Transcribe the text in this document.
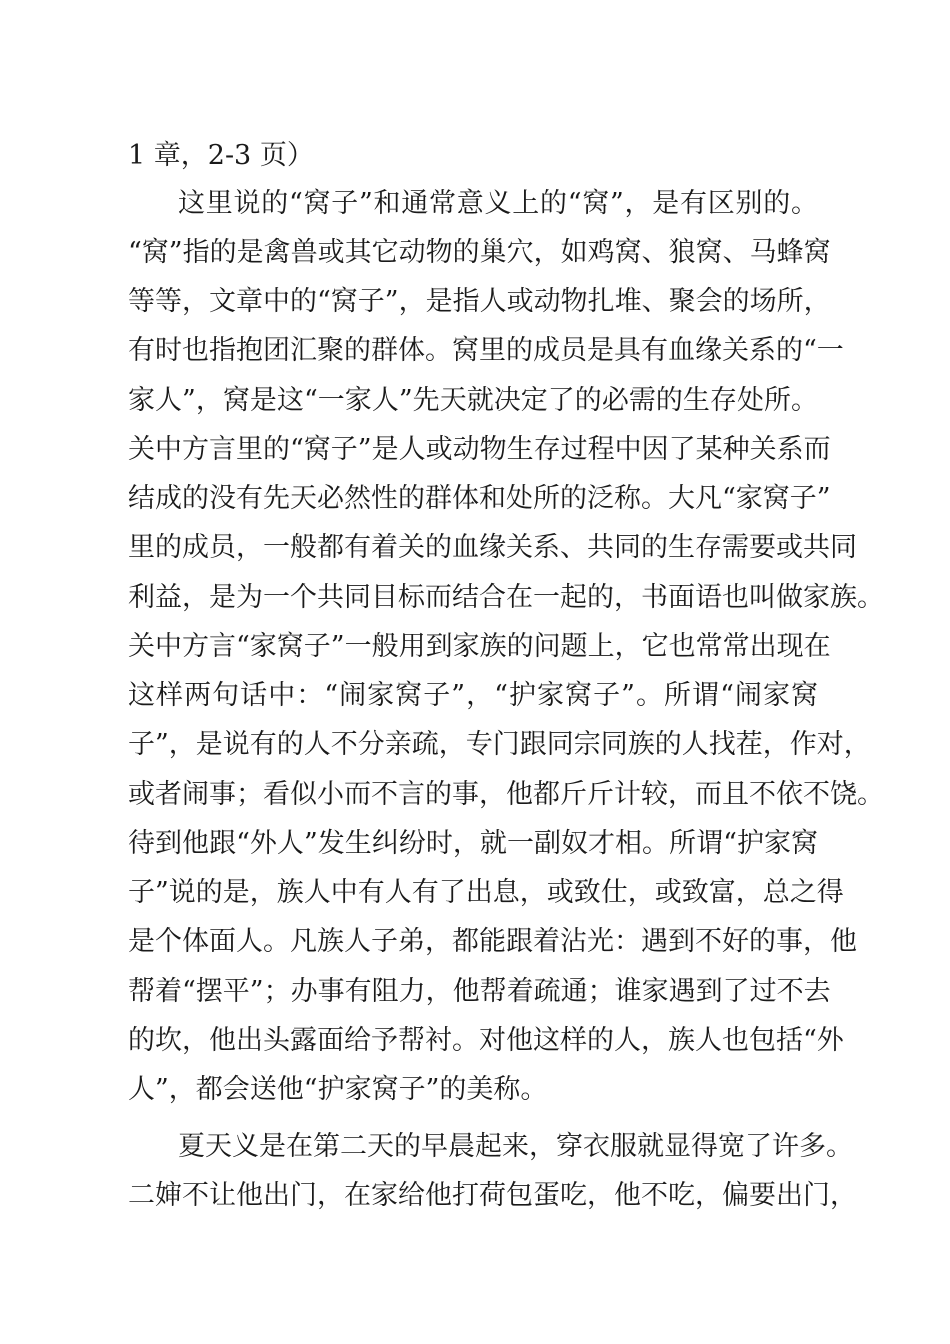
1 章，2-3 页）
这里说的“窝子”和通常意义上的“窝”，是有区别的。
“窝”指的是禽兽或其它动物的巢穴，如鸡窝、狼窝、马蜂窝
等等，文章中的“窝子”，是指人或动物扎堆、聚会的场所，
有时也指抱团汇聚的群体。窝里的成员是具有血缘关系的“一
家人”，窝是这“一家人”先天就决定了的必需的生存处所。
关中方言里的“窝子”是人或动物生存过程中因了某种关系而
结成的没有先天必然性的群体和处所的泛称。大凡“家窝子”
里的成员，一般都有着关的血缘关系、共同的生存需要或共同
利益，是为一个共同目标而结合在一起的，书面语也叫做家族。
关中方言“家窝子”一般用到家族的问题上，它也常常出现在
这样两句话中：“闹家窝子”，“护家窝子”。所谓“闹家窝
子”，是说有的人不分亲疏，专门跟同宗同族的人找茬，作对，
或者闹事；看似小而不言的事，他都斤斤计较，而且不依不饶。
待到他跟“外人”发生纠纷时，就一副奴才相。所谓“护家窝
子”说的是，族人中有人有了出息，或致仕，或致富，总之得
是个体面人。凡族人子弟，都能跟着沾光：遇到不好的事，他
帮着“摆平”；办事有阻力，他帮着疏通；谁家遇到了过不去
的坎，他出头露面给予帮衬。对他这样的人，族人也包括“外
人”，都会送他“护家窝子”的美称。
夏天义是在第二天的早晨起来，穿衣服就显得宽了许多。
二婶不让他出门，在家给他打荷包蛋吃，他不吃，偏要出门，
